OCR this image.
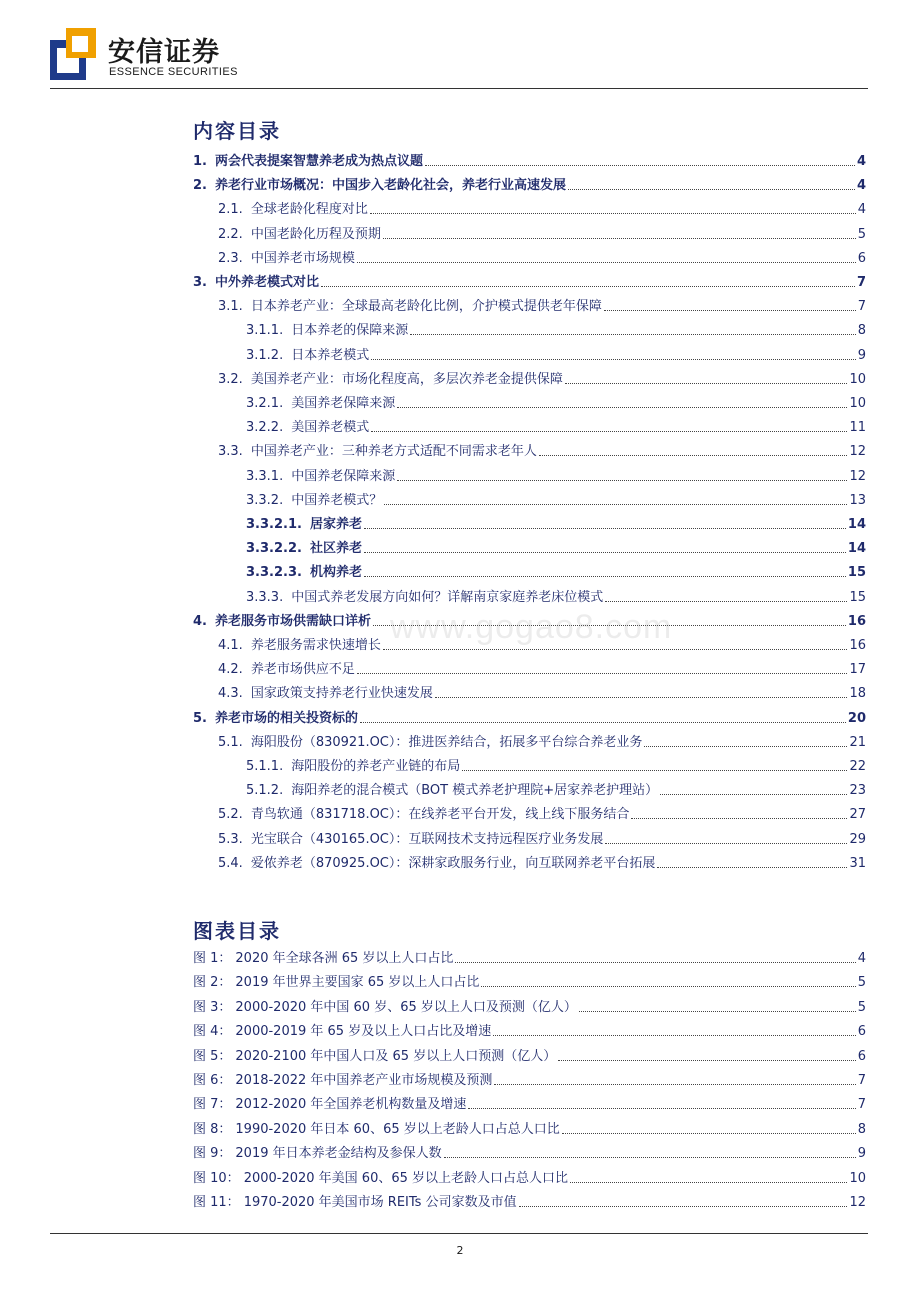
安信证券
ESSENCE SECURITIES
内容目录
1. 两会代表提案智慧养老成为热点议题	4
2. 养老行业市场概况：中国步入老龄化社会，养老行业高速发展	4
2.1. 全球老龄化程度对比	4
2.2. 中国老龄化历程及预期	5
2.3. 中国养老市场规模	6
3. 中外养老模式对比	7
3.1. 日本养老产业：全球最高老龄化比例，介护模式提供老年保障	7
3.1.1. 日本养老的保障来源	8
3.1.2. 日本养老模式	9
3.2. 美国养老产业：市场化程度高，多层次养老金提供保障	10
3.2.1. 美国养老保障来源	10
3.2.2. 美国养老模式	11
3.3. 中国养老产业：三种养老方式适配不同需求老年人	12
3.3.1. 中国养老保障来源	12
3.3.2. 中国养老模式？	13
3.3.2.1. 居家养老	14
3.3.2.2. 社区养老	14
3.3.2.3. 机构养老	15
3.3.3. 中国式养老发展方向如何？详解南京家庭养老床位模式	15
4. 养老服务市场供需缺口详析	16
4.1. 养老服务需求快速增长	16
4.2. 养老市场供应不足	17
4.3. 国家政策支持养老行业快速发展	18
5. 养老市场的相关投资标的	20
5.1. 海阳股份（830921.OC）：推进医养结合，拓展多平台综合养老业务	21
5.1.1. 海阳股份的养老产业链的布局	22
5.1.2. 海阳养老的混合模式（BOT 模式养老护理院+居家养老护理站）	23
5.2. 青鸟软通（831718.OC）：在线养老平台开发，线上线下服务结合	27
5.3. 光宝联合（430165.OC）：互联网技术支持远程医疗业务发展	29
5.4. 爱侬养老（870925.OC）：深耕家政服务行业，向互联网养老平台拓展	31
图表目录
图 1： 2020 年全球各洲 65 岁以上人口占比	4
图 2： 2019 年世界主要国家 65 岁以上人口占比	5
图 3： 2000-2020 年中国 60 岁、65 岁以上人口及预测（亿人）	5
图 4： 2000-2019 年 65 岁及以上人口占比及增速	6
图 5： 2020-2100 年中国人口及 65 岁以上人口预测（亿人）	6
图 6： 2018-2022 年中国养老产业市场规模及预测	7
图 7： 2012-2020 年全国养老机构数量及增速	7
图 8： 1990-2020 年日本 60、65 岁以上老龄人口占总人口比	8
图 9： 2019 年日本养老金结构及参保人数	9
图 10： 2000-2020 年美国 60、65 岁以上老龄人口占总人口比	10
图 11： 1970-2020 年美国市场 REITs 公司家数及市值	12
www.gogao8.com
2
